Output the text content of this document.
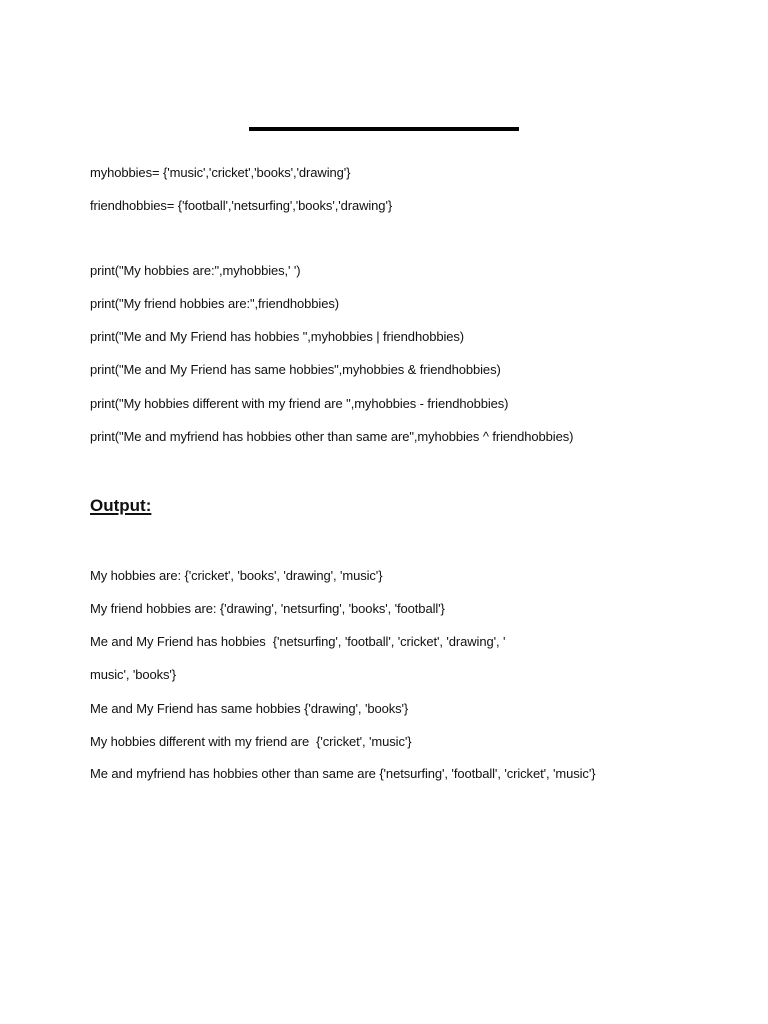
myhobbies= {'music','cricket','books','drawing'}
friendhobbies= {'football','netsurfing','books','drawing'}
print("My hobbies are:",myhobbies,' ')
print("My friend hobbies are:",friendhobbies)
print("Me and My Friend has hobbies ",myhobbies | friendhobbies)
print("Me and My Friend has same hobbies",myhobbies & friendhobbies)
print("My hobbies different with my friend are ",myhobbies - friendhobbies)
print("Me and myfriend has hobbies other than same are",myhobbies ^ friendhobbies)
Output:
My hobbies are: {'cricket', 'books', 'drawing', 'music'}
My friend hobbies are: {'drawing', 'netsurfing', 'books', 'football'}
Me and My Friend has hobbies  {'netsurfing', 'football', 'cricket', 'drawing', '
music', 'books'}
Me and My Friend has same hobbies {'drawing', 'books'}
My hobbies different with my friend are  {'cricket', 'music'}
Me and myfriend has hobbies other than same are {'netsurfing', 'football', 'cricket', 'music'}
